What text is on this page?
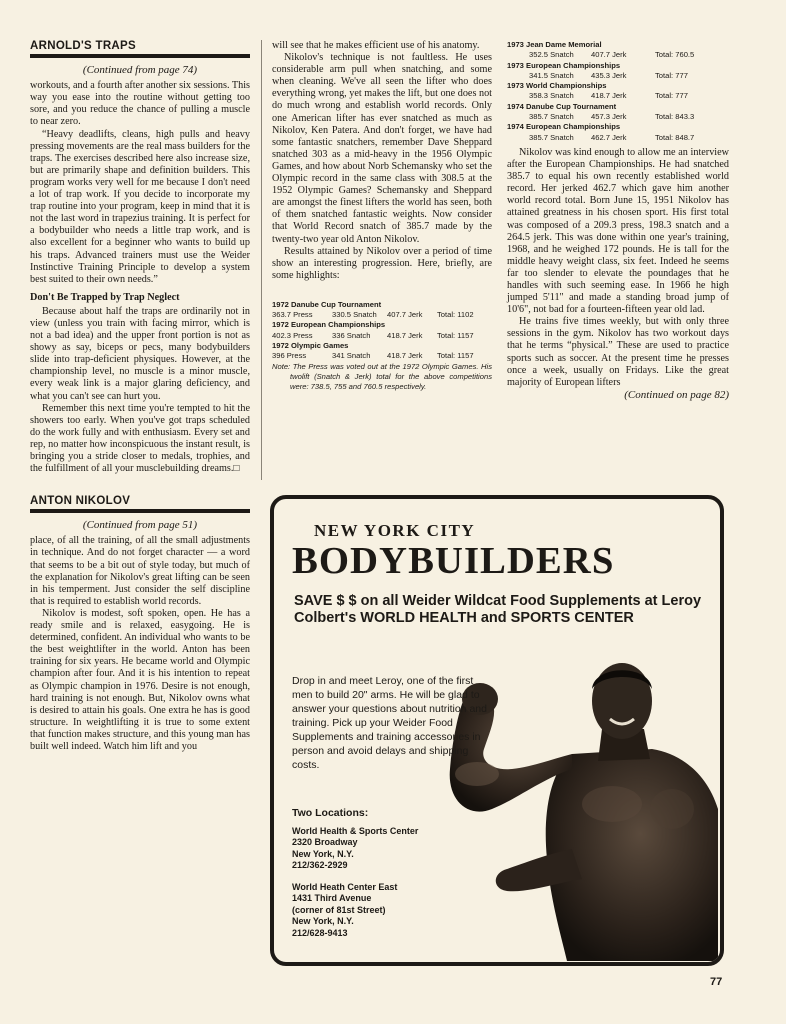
ARNOLD'S TRAPS
(Continued from page 74)

workouts, and a fourth after another six sessions. This way you ease into the routine without getting too sore, and you reduce the chance of pulling a muscle to near zero.

“Heavy deadlifts, cleans, high pulls and heavy pressing movements are the real mass builders for the traps. The exercises described here also increase size, but are primarily shape and definition builders. This program works very well for me because I don't need a lot of trap work. If you decide to incorporate my trap routine into your program, keep in mind that it is not the last word in trapezius training. It is perfect for a bodybuilder who needs a little trap work, and is also excellent for a beginner who wants to build up his traps. Advanced trainers must use the Weider Instinctive Training Principle to develop a system best suited to their own needs.”

Don't Be Trapped by Trap Neglect

Because about half the traps are ordinarily not in view (unless you train with facing mirror, which is not a bad idea) and the upper front portion is not as showy as say, biceps or pecs, many bodybuilders slide into trap-deficient physiques. However, at the championship level, no muscle is a minor muscle, every weak link is a major glaring deficiency, and what you can't see can hurt you.

Remember this next time you're tempted to hit the showers too early. When you've got traps scheduled do the work fully and with enthusiasm. Every set and rep, no matter how inconspicuous the instant result, is bringing you a stride closer to medals, trophies, and the fulfillment of all your musclebuilding dreams.□

ANTON NIKOLOV
(Continued from page 51)

place, of all the training, of all the small adjustments in technique. And do not forget character — a word that seems to be a bit out of style today, but much of the explanation for Nikolov's great lifting can be seen in his temperment. Just consider the self discipline that is required to establish world records.

Nikolov is modest, soft spoken, open. He has a ready smile and is relaxed, easygoing. He is determined, confident. An individual who wants to be the best weightlifter in the world. Anton has been training for six years. He became world and Olympic champion after four. And it is his intention to repeat as Olympic champion in 1976. Desire is not enough, hard training is not enough. But, Nikolov owns what is desired to attain his goals. One extra he has is good structure. In weightlifting it is true to some extent that function makes structure, and this young man has built well indeed. Watch him lift and you

will see that he makes efficient use of his anatomy.

Nikolov's technique is not faultless. He uses considerable arm pull when snatching, and some when cleaning. We've all seen the lifter who does everything wrong, yet makes the lift, but one does not do much wrong and establish world records. Only one American lifter has ever snatched as much as Nikolov, Ken Patera. And don't forget, we have had some fantastic snatchers, remember Dave Sheppard snatched 303 as a mid-heavy in the 1956 Olympic Games, and how about Norb Schemansky who set the Olympic record in the same class with 308.5 at the 1952 Olympic Games? Schemansky and Sheppard are amongst the finest lifters the world has seen, both of them snatched fantastic weights. Now consider that World Record snatch of 385.7 made by the twenty-two year old Anton Nikolov.

Results attained by Nikolov over a period of time show an interesting progression. Here, briefly, are some highlights:

1972 Danube Cup Tournament
363.7 Press	330.5 Snatch	407.7 Jerk	Total: 1102
1972 European Championships
402.3 Press	336 Snatch	418.7 Jerk	Total: 1157
1972 Olympic Games
396 Press	341 Snatch	418.7 Jerk	Total: 1157
Note: The Press was voted out at the 1972 Olympic Games. His twolift (Snatch & Jerk) total for the above competitions were: 738.5, 755 and 760.5 respectively.
1973 Jean Dame Memorial
352.5 Snatch	407.7 Jerk	Total: 760.5
1973 European Championships
341.5 Snatch	435.3 Jerk	Total: 777
1973 World Championships
358.3 Snatch	418.7 Jerk	Total: 777
1974 Danube Cup Tournament
385.7 Snatch	457.3 Jerk	Total: 843.3
1974 European Championships
385.7 Snatch	462.7 Jerk	Total: 848.7

Nikolov was kind enough to allow me an interview after the European Championships. He had snatched 385.7 to equal his own recently established world record. Her jerked 462.7 which gave him another world record total. Born June 15, 1951 Nikolov has attained greatness in his chosen sport. His first total was composed of a 209.3 press, 198.3 snatch and a 264.5 jerk. This was done within one year's training, 1968, and he weighed 172 pounds. He is tall for the middle heavy weight class, six feet. Indeed he seems far too slender to elevate the poundages that he handles with such seeming ease. In 1966 he high jumped 5'11" and made a standing broad jump of 10'6", not bad for a fourteen-fifteen year old lad.

He trains five times weekly, but with only three sessions in the gym. Nikolov has two workout days that he terms “physical.” These are used to practice sports such as soccer. At the present time he presses once a week, usually on Fridays. Like the great majority of European lifters

(Continued on page 82)
NEW YORK CITY
BODYBUILDERS
SAVE $ $ on all Weider Wildcat Food Supplements at Leroy Colbert's WORLD HEALTH and SPORTS CENTER
Drop in and meet Leroy, one of the first men to build 20" arms. He will be glad to answer your questions about nutrition and training. Pick up your Weider Food Supplements and training accessories in person and avoid delays and shipping costs.
Two Locations:
World Health & Sports Center
2320 Broadway
New York, N.Y.
212/362-2929
World Heath Center East
1431 Third Avenue
(corner of 81st Street)
New York, N.Y.
212/628-9413
77
